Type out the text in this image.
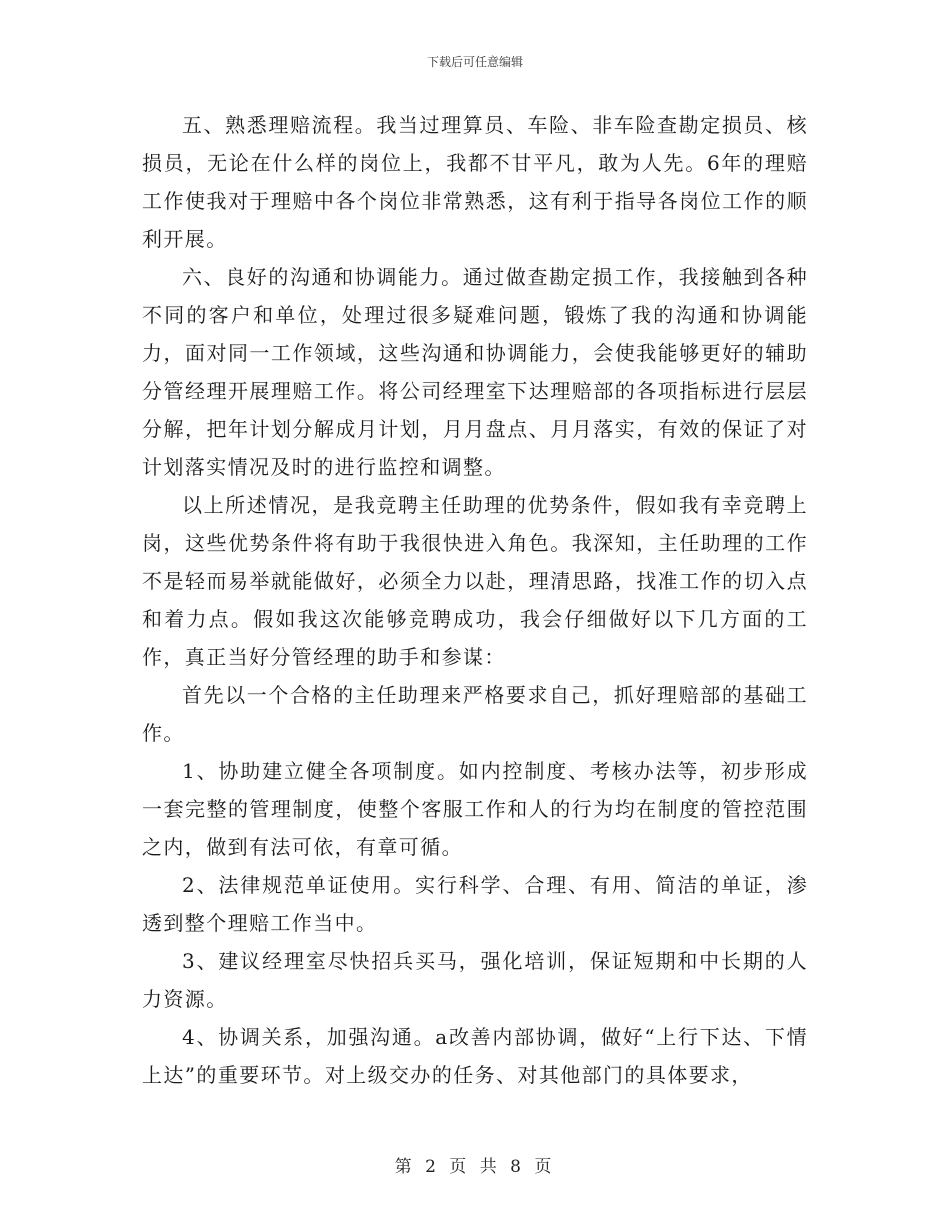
下载后可任意编辑

五、熟悉理赔流程。我当过理算员、车险、非车险查勘定损员、核损员，无论在什么样的岗位上，我都不甘平凡，敢为人先。6年的理赔工作使我对于理赔中各个岗位非常熟悉，这有利于指导各岗位工作的顺利开展。

六、良好的沟通和协调能力。通过做查勘定损工作，我接触到各种不同的客户和单位，处理过很多疑难问题，锻炼了我的沟通和协调能力，面对同一工作领域，这些沟通和协调能力，会使我能够更好的辅助分管经理开展理赔工作。将公司经理室下达理赔部的各项指标进行层层分解，把年计划分解成月计划，月月盘点、月月落实，有效的保证了对计划落实情况及时的进行监控和调整。

以上所述情况，是我竞聘主任助理的优势条件，假如我有幸竞聘上岗，这些优势条件将有助于我很快进入角色。我深知，主任助理的工作不是轻而易举就能做好，必须全力以赴，理清思路，找准工作的切入点和着力点。假如我这次能够竞聘成功，我会仔细做好以下几方面的工作，真正当好分管经理的助手和参谋：

首先以一个合格的主任助理来严格要求自己，抓好理赔部的基础工作。

1、协助建立健全各项制度。如内控制度、考核办法等，初步形成一套完整的管理制度，使整个客服工作和人的行为均在制度的管控范围之内，做到有法可依，有章可循。

2、法律规范单证使用。实行科学、合理、有用、简洁的单证，渗透到整个理赔工作当中。

3、建议经理室尽快招兵买马，强化培训，保证短期和中长期的人力资源。

4、协调关系，加强沟通。a改善内部协调，做好“上行下达、下情上达”的重要环节。对上级交办的任务、对其他部门的具体要求，

第 2 页 共 8 页
